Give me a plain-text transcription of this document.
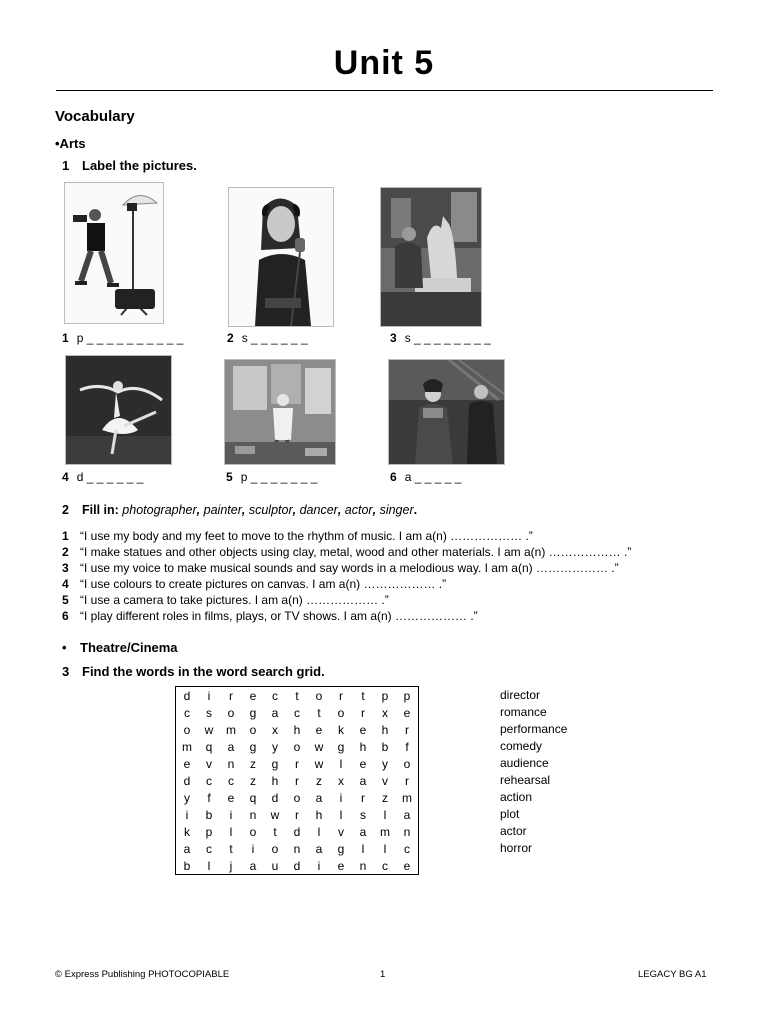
Unit 5
Vocabulary
•Arts
1 Label the pictures.
1 p _ _ _ _ _ _ _ _ _ _	2 s _ _ _ _ _ _	3 s _ _ _ _ _ _ _ _
4 d _ _ _ _ _ _	5 p _ _ _ _ _ _ _	6 a _ _ _ _ _
2 Fill in: photographer, painter, sculptor, dancer, actor, singer.
1 “I use my body and my feet to move to the rhythm of music. I am a(n) ……………… .”
2 “I make statues and other objects using clay, metal, wood and other materials. I am a(n) ……………… .”
3 “I use my voice to make musical sounds and say words in a melodious way. I am a(n) ……………… .”
4 “I use colours to create pictures on canvas. I am a(n) ……………… .”
5 “I use a camera to take pictures. I am a(n) ……………… .”
6 “I play different roles in films, plays, or TV shows. I am a(n) ……………… .”
• Theatre/Cinema
3 Find the words in the word search grid.
d	i	r	e	c	t	o	r	t	p	p
c	s	o	g	a	c	t	o	r	x	e
o	w	m	o	x	h	e	k	e	h	r
m	q	a	g	y	o	w	g	h	b	f
e	v	n	z	g	r	w	l	e	y	o
d	c	c	z	h	r	z	x	a	v	r
y	f	e	q	d	o	a	i	r	z	m
i	b	i	n	w	r	h	l	s	l	a
k	p	l	o	t	d	l	v	a	m	n
a	c	t	i	o	n	a	g	l	l	c
b	l	j	a	u	d	i	e	n	c	e
director
romance
performance
comedy
audience
rehearsal
action
plot
actor
horror
© Express Publishing PHOTOCOPIABLE	1	LEGACY BG A1
